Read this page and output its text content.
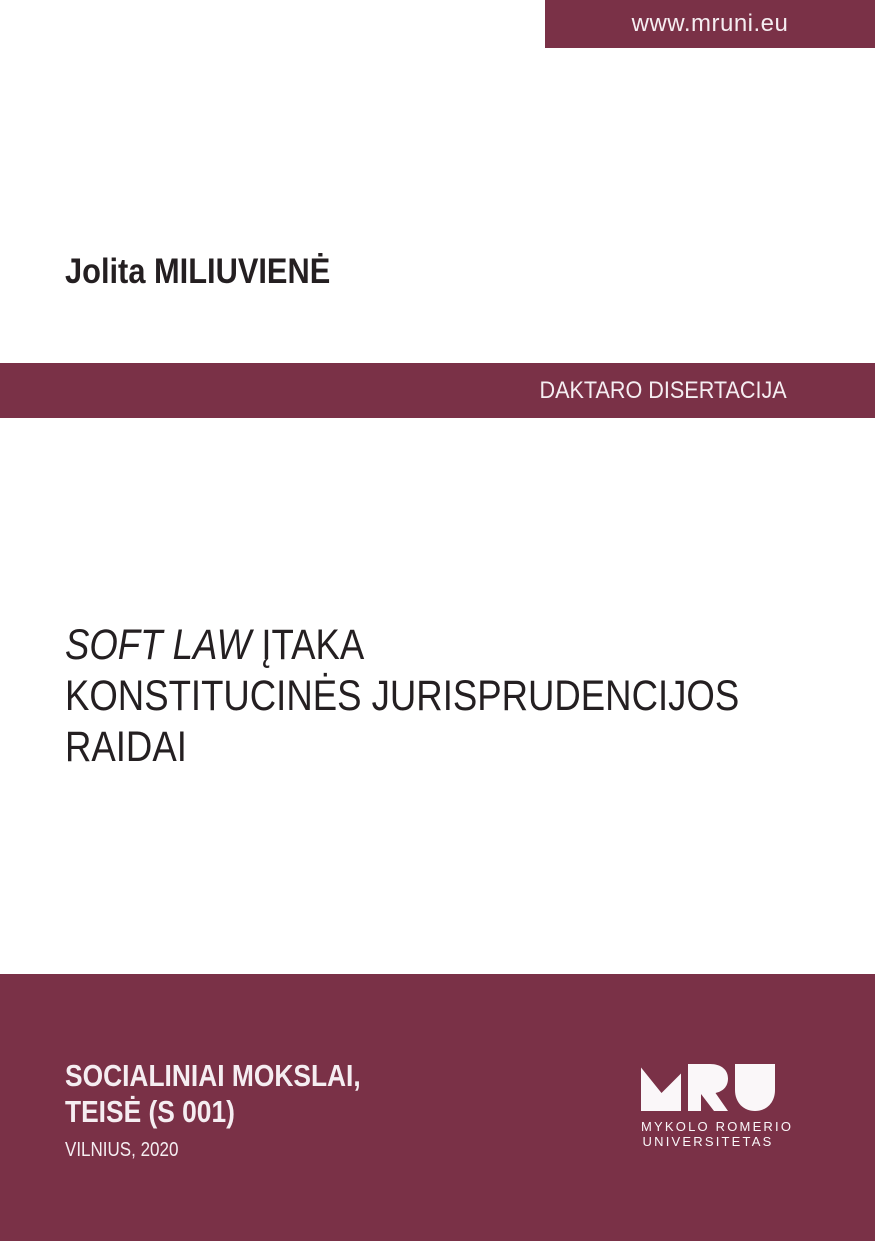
www.mruni.eu
Jolita MILIUVIENĖ
DAKTARO DISERTACIJA
SOFT LAW ĮTAKA
KONSTITUCINĖS JURISPRUDENCIJOS
RAIDAI
SOCIALINIAI MOKSLAI,
TEISĖ (S 001)
VILNIUS, 2020
MYKOLO ROMERIO
UNIVERSITETAS
